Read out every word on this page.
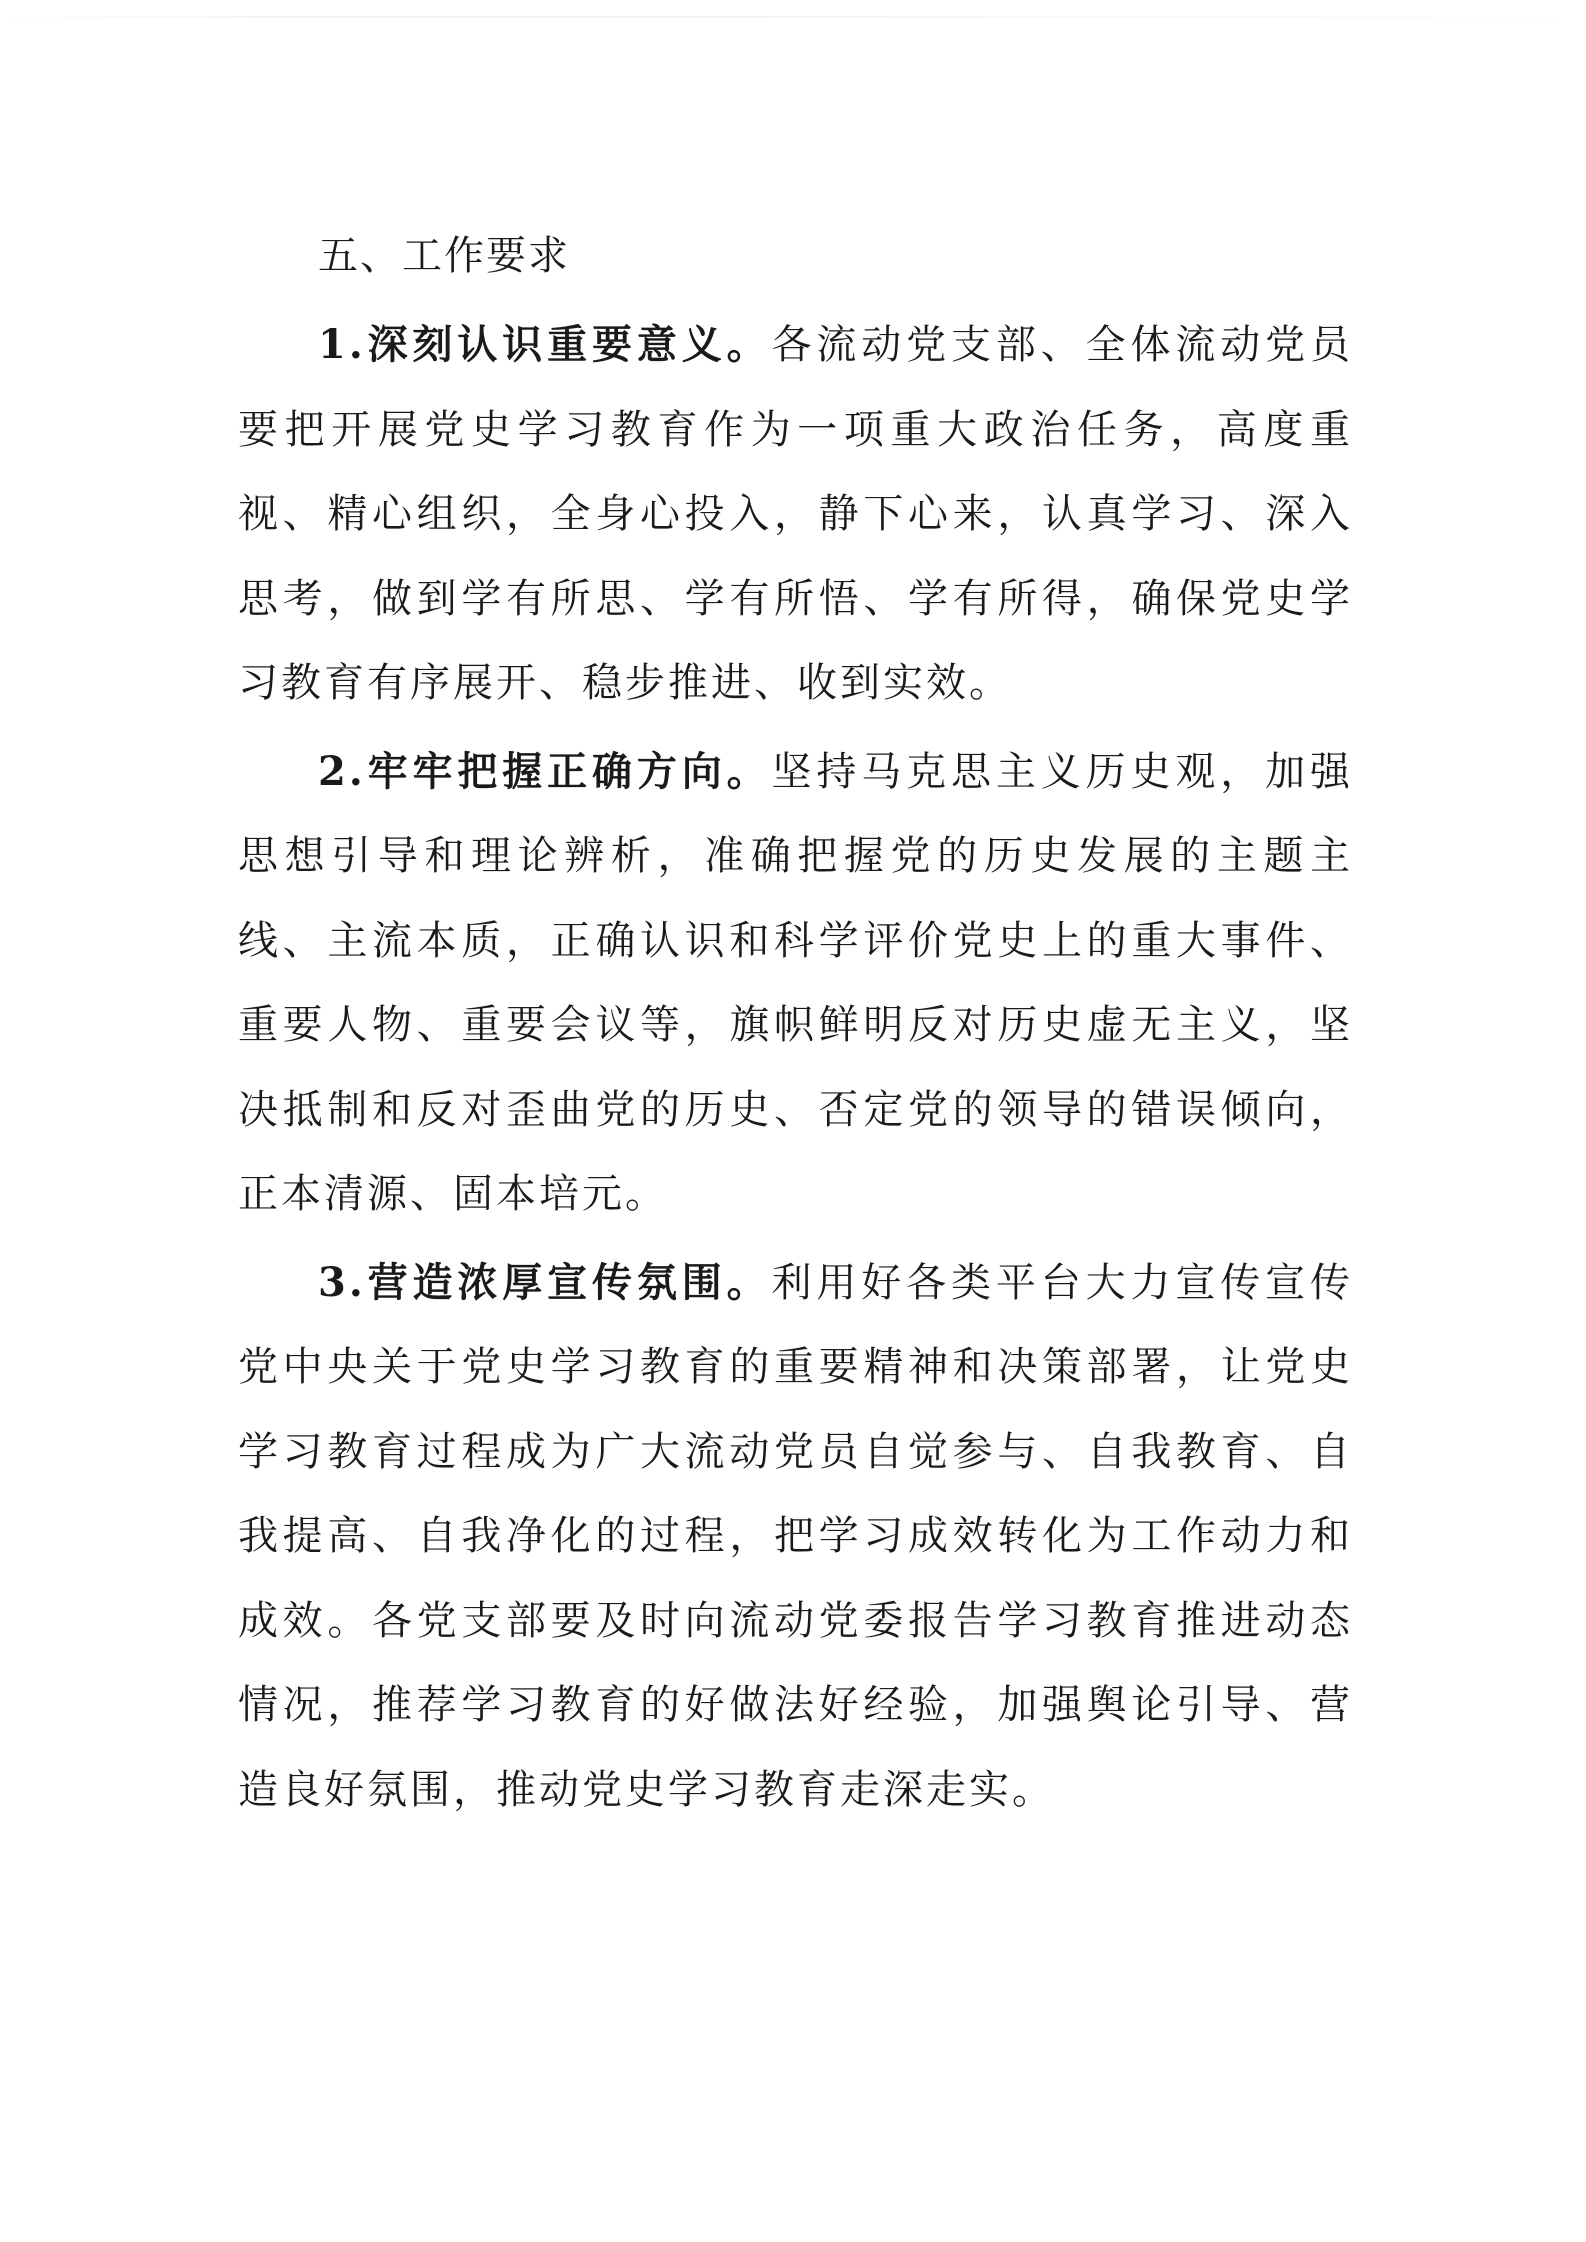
五、工作要求

1.深刻认识重要意义。各流动党支部、全体流动党员要把开展党史学习教育作为一项重大政治任务，高度重视、精心组织，全身心投入，静下心来，认真学习、深入思考，做到学有所思、学有所悟、学有所得，确保党史学习教育有序展开、稳步推进、收到实效。

2.牢牢把握正确方向。坚持马克思主义历史观，加强思想引导和理论辨析，准确把握党的历史发展的主题主线、主流本质，正确认识和科学评价党史上的重大事件、重要人物、重要会议等，旗帜鲜明反对历史虚无主义，坚决抵制和反对歪曲党的历史、否定党的领导的错误倾向，正本清源、固本培元。

3.营造浓厚宣传氛围。利用好各类平台大力宣传宣传党中央关于党史学习教育的重要精神和决策部署，让党史学习教育过程成为广大流动党员自觉参与、自我教育、自我提高、自我净化的过程，把学习成效转化为工作动力和成效。各党支部要及时向流动党委报告学习教育推进动态情况，推荐学习教育的好做法好经验，加强舆论引导、营造良好氛围，推动党史学习教育走深走实。
